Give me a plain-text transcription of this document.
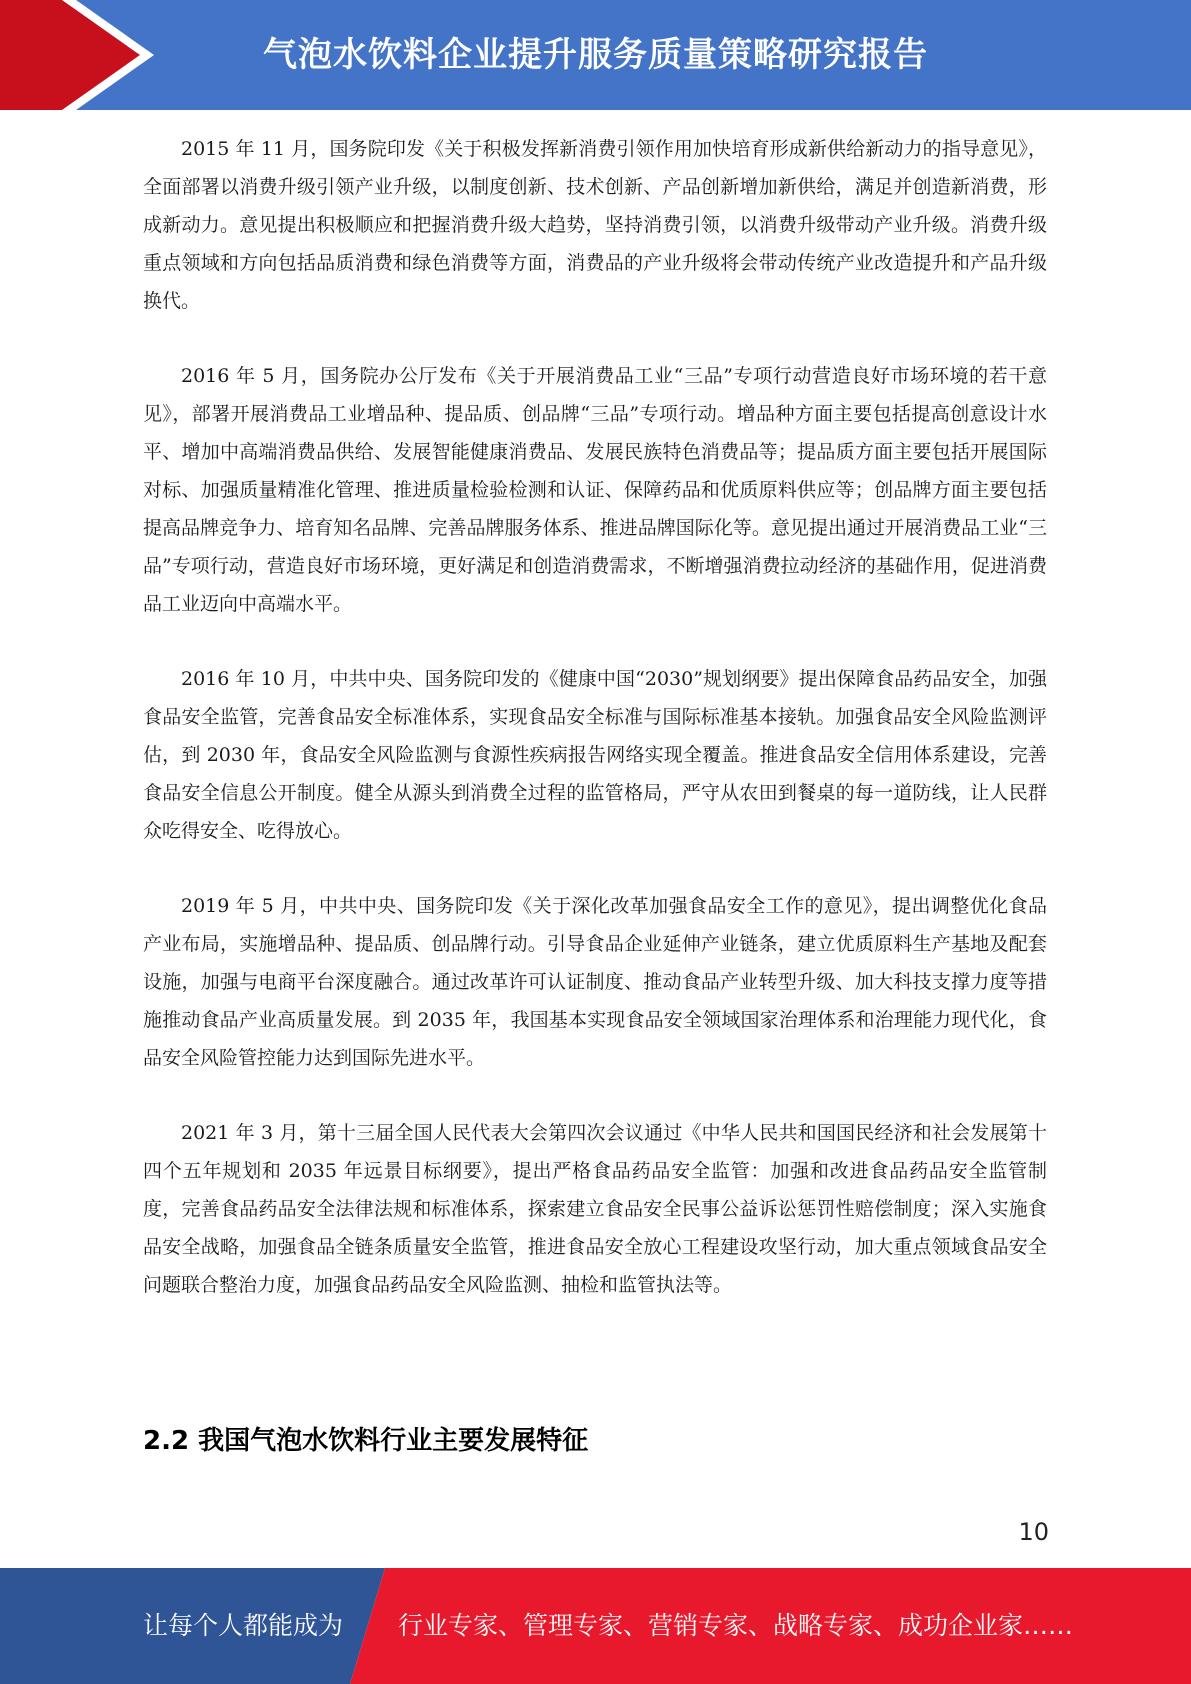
气泡水饮料企业提升服务质量策略研究报告

2015 年 11 月，国务院印发《关于积极发挥新消费引领作用加快培育形成新供给新动力的指导意见》，全面部署以消费升级引领产业升级，以制度创新、技术创新、产品创新增加新供给，满足并创造新消费，形成新动力。意见提出积极顺应和把握消费升级大趋势，坚持消费引领，以消费升级带动产业升级。消费升级重点领域和方向包括品质消费和绿色消费等方面，消费品的产业升级将会带动传统产业改造提升和产品升级换代。

2016 年 5 月，国务院办公厅发布《关于开展消费品工业“三品”专项行动营造良好市场环境的若干意见》，部署开展消费品工业增品种、提品质、创品牌“三品”专项行动。增品种方面主要包括提高创意设计水平、增加中高端消费品供给、发展智能健康消费品、发展民族特色消费品等；提品质方面主要包括开展国际对标、加强质量精准化管理、推进质量检验检测和认证、保障药品和优质原料供应等；创品牌方面主要包括提高品牌竞争力、培育知名品牌、完善品牌服务体系、推进品牌国际化等。意见提出通过开展消费品工业“三品”专项行动，营造良好市场环境，更好满足和创造消费需求，不断增强消费拉动经济的基础作用，促进消费品工业迈向中高端水平。

2016 年 10 月，中共中央、国务院印发的《健康中国“2030”规划纲要》提出保障食品药品安全，加强食品安全监管，完善食品安全标准体系，实现食品安全标准与国际标准基本接轨。加强食品安全风险监测评估，到 2030 年，食品安全风险监测与食源性疾病报告网络实现全覆盖。推进食品安全信用体系建设，完善食品安全信息公开制度。健全从源头到消费全过程的监管格局，严守从农田到餐桌的每一道防线，让人民群众吃得安全、吃得放心。

2019 年 5 月，中共中央、国务院印发《关于深化改革加强食品安全工作的意见》，提出调整优化食品产业布局，实施增品种、提品质、创品牌行动。引导食品企业延伸产业链条，建立优质原料生产基地及配套设施，加强与电商平台深度融合。通过改革许可认证制度、推动食品产业转型升级、加大科技支撑力度等措施推动食品产业高质量发展。到 2035 年，我国基本实现食品安全领域国家治理体系和治理能力现代化，食品安全风险管控能力达到国际先进水平。

2021 年 3 月，第十三届全国人民代表大会第四次会议通过《中华人民共和国国民经济和社会发展第十四个五年规划和 2035 年远景目标纲要》，提出严格食品药品安全监管：加强和改进食品药品安全监管制度，完善食品药品安全法律法规和标准体系，探索建立食品安全民事公益诉讼惩罚性赔偿制度；深入实施食品安全战略，加强食品全链条质量安全监管，推进食品安全放心工程建设攻坚行动，加大重点领域食品安全问题联合整治力度，加强食品药品安全风险监测、抽检和监管执法等。

2.2 我国气泡水饮料行业主要发展特征
10
让每个人都能成为 行业专家、管理专家、营销专家、战略专家、成功企业家……
